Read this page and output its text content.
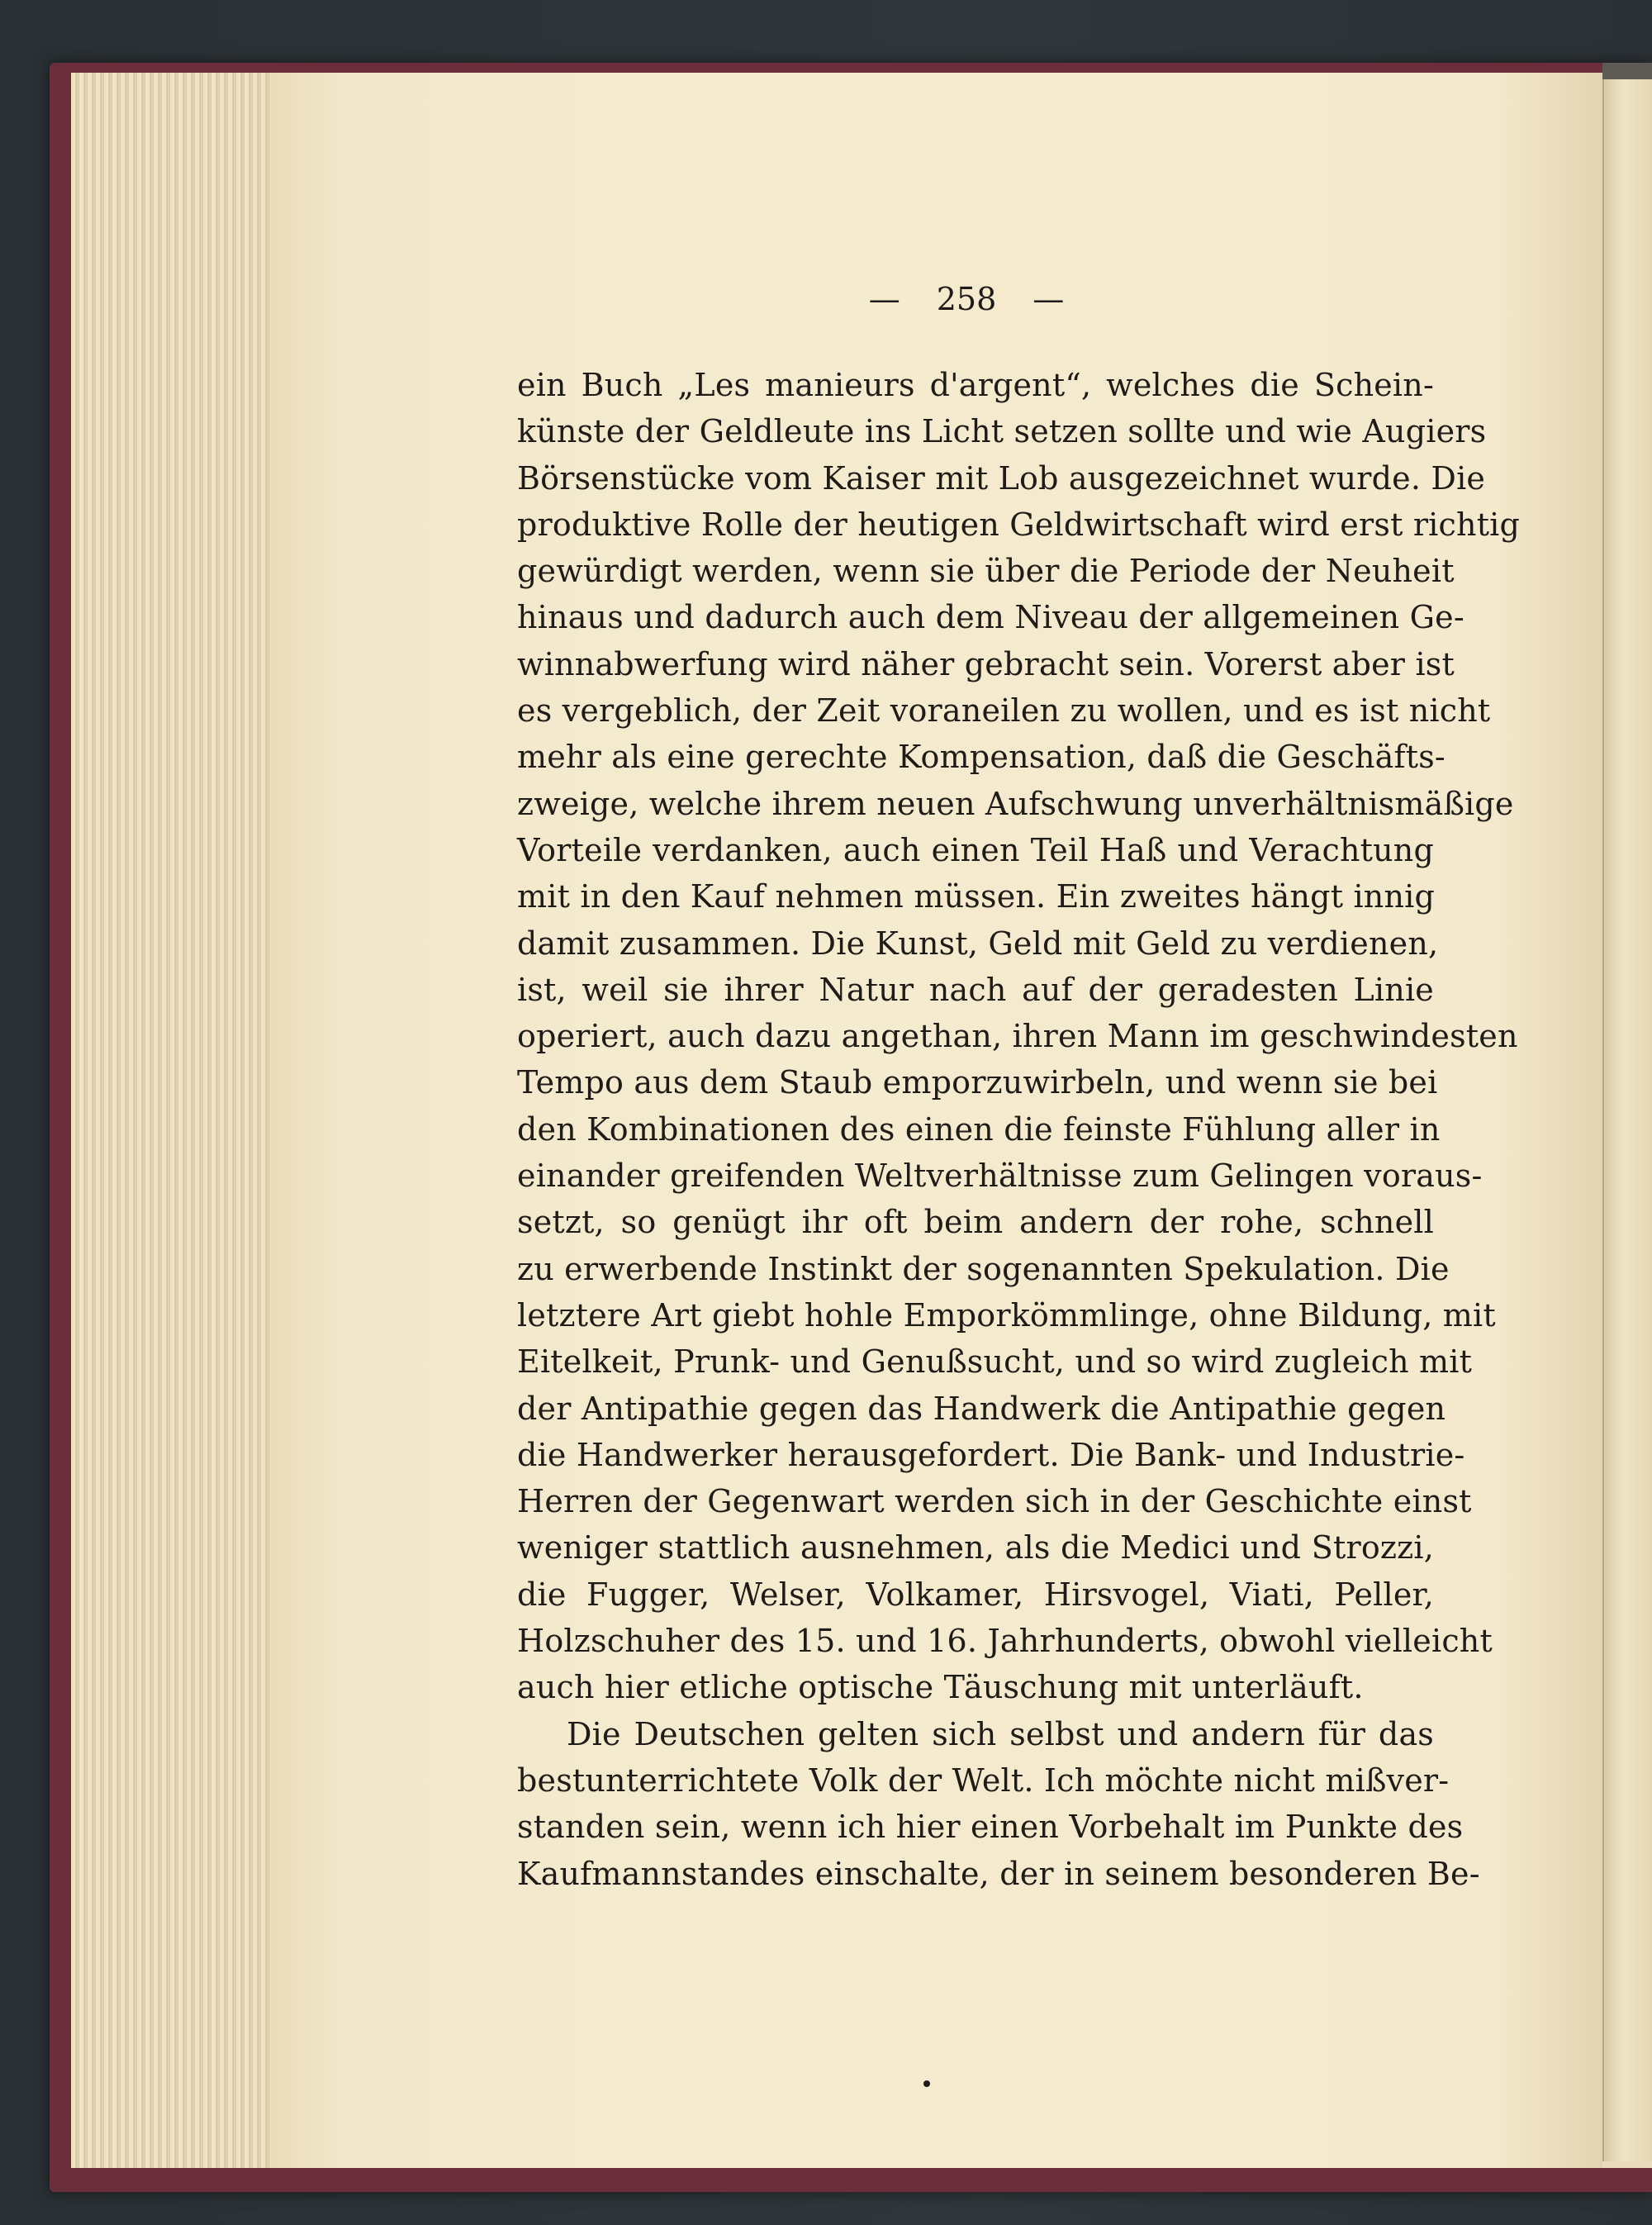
— 258 —
ein Buch „Les manieurs d'argent“, welches die Schein-
künste der Geldleute ins Licht setzen sollte und wie Augiers
Börsenstücke vom Kaiser mit Lob ausgezeichnet wurde. Die
produktive Rolle der heutigen Geldwirtschaft wird erst richtig
gewürdigt werden, wenn sie über die Periode der Neuheit
hinaus und dadurch auch dem Niveau der allgemeinen Ge-
winnabwerfung wird näher gebracht sein. Vorerst aber ist
es vergeblich, der Zeit voraneilen zu wollen, und es ist nicht
mehr als eine gerechte Kompensation, daß die Geschäfts-
zweige, welche ihrem neuen Aufschwung unverhältnismäßige
Vorteile verdanken, auch einen Teil Haß und Verachtung
mit in den Kauf nehmen müssen. Ein zweites hängt innig
damit zusammen. Die Kunst, Geld mit Geld zu verdienen,
ist, weil sie ihrer Natur nach auf der geradesten Linie
operiert, auch dazu angethan, ihren Mann im geschwindesten
Tempo aus dem Staub emporzuwirbeln, und wenn sie bei
den Kombinationen des einen die feinste Fühlung aller in
einander greifenden Weltverhältnisse zum Gelingen voraus-
setzt, so genügt ihr oft beim andern der rohe, schnell
zu erwerbende Instinkt der sogenannten Spekulation. Die
letztere Art giebt hohle Emporkömmlinge, ohne Bildung, mit
Eitelkeit, Prunk- und Genußsucht, und so wird zugleich mit
der Antipathie gegen das Handwerk die Antipathie gegen
die Handwerker herausgefordert. Die Bank- und Industrie-
Herren der Gegenwart werden sich in der Geschichte einst
weniger stattlich ausnehmen, als die Medici und Strozzi,
die Fugger, Welser, Volkamer, Hirsvogel, Viati, Peller,
Holzschuher des 15. und 16. Jahrhunderts, obwohl vielleicht
auch hier etliche optische Täuschung mit unterläuft.
Die Deutschen gelten sich selbst und andern für das
bestunterrichtete Volk der Welt. Ich möchte nicht mißver-
standen sein, wenn ich hier einen Vorbehalt im Punkte des
Kaufmannstandes einschalte, der in seinem besonderen Be-
